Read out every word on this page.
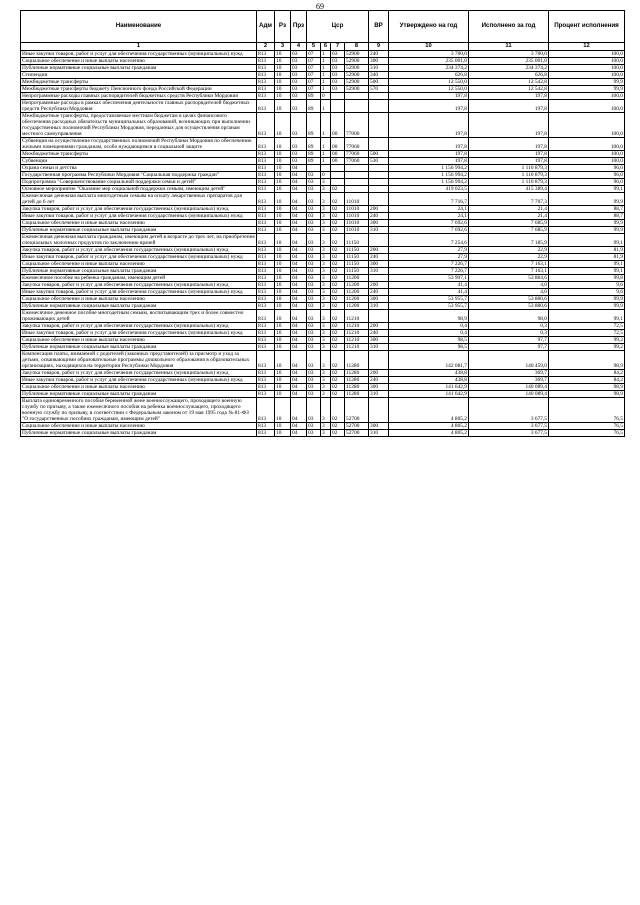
69
Наименование	Адм	Рз	Прз	Цср				ВР	Утверждено на год	Исполнено за год	Процент исполнения
1	2	3	4	5	6	7	8	9	10	11	12
Иные закупки товаров, работ и услуг для обеспечения государственных (муниципальных) нужд	813	10	03	07	1	03	52900	240	3 700,0	3 700,0	100,0
Социальное обеспечение и иные выплаты населению	813	10	03	07	1	03	52900	300	235 001,0	235 001,0	100,0
Публичные нормативные социальные выплаты гражданам	813	10	03	07	1	03	52900	310	234 374,2	234 374,2	100,0
Стипендии	813	10	03	07	1	03	52900	340	626,8	626,8	100,0
Межбюджетные трансферты	813	10	03	07	1	03	52900	500	12 550,0	12 542,8	99,9
Межбюджетные трансферты бюджету Пенсионного фонда Российской Федерации	813	10	03	07	1	03	52900	570	12 550,0	12 542,8	99,9
Непрограммные расходы главных распорядителей бюджетных средств Республики Мордовия	813	10	03	89	0				197,8	197,8	100,0
Непрограммные расходы в рамках обеспечения деятельности главных распорядителей бюджетных средств Республики Мордовия	813	10	03	89	1				197,8	197,8	100,0
Межбюджетные трансферты, предоставляемые местным бюджетам в целях финансового обеспечения расходных обязательств муниципальных образований, возникающих при выполнении государственных полномочий Республики Мордовия, переданных для осуществления органам местного самоуправления	813	10	03	89	1	00	77000		197,8	197,8	100,0
Субвенция на осуществление государственных полномочий Республики Мордовия по обеспечению жилыми помещениями гражданам, особо нуждающимся в социальной защите	813	10	03	89	1	00	77060		197,8	197,8	100,0
Межбюджетные трансферты	813	10	03	89	1	00	77060	500	197,8	197,8	100,0
Субвенции	813	10	03	89	1	00	77060	530	197,8	197,8	100,0
Охрана семьи и детства	813	10	04						1 156 994,2	1 110 879,3	96,0
Государственная программа Республики Мордовия "Социальная поддержка граждан"	813	10	04	03	0				1 156 994,2	1 110 879,3	96,0
Подпрограмма "Совершенствование социальной поддержки семьи и детей"	813	10	04	03	3				1 156 994,2	1 110 879,3	96,0
Основное мероприятие "Оказание мер социальной поддержки семьям, имеющим детей"	813	10	04	03	3	02			419 023,5	415 389,4	99,1
Ежемесячная денежная выплата многодетным семьям на оплату лекарственных препаратов для детей до 6 лет	813	10	04	03	3	02	11010		7 716,7	7 707,3	99,9
Закупка товаров, работ и услуг для обеспечения государственных (муниципальных) нужд	813	10	04	03	3	02	11010	200	24,1	21,4	88,7
Иные закупки товаров, работ и услуг для обеспечения государственных (муниципальных) нужд	813	10	04	03	3	02	11010	240	24,1	21,4	88,7
Социальное обеспечение и иные выплаты населению	813	10	04	03	3	02	11010	300	7 692,6	7 685,9	99,9
Публичные нормативные социальные выплаты гражданам	813	10	04	03	3	02	11010	310	7 692,6	7 685,9	99,9
Ежемесячная денежная выплата гражданам, имеющим детей в возрасте до трех лет, на приобретение специальных молочных продуктов по заключению врачей	813	10	04	03	3	02	11150		7 254,6	7 185,9	99,1
Закупка товаров, работ и услуг для обеспечения государственных (муниципальных) нужд	813	10	04	03	3	02	11150	200	27,9	22,9	81,9
Иные закупки товаров, работ и услуг для обеспечения государственных (муниципальных) нужд	813	10	04	03	3	02	11150	240	27,9	22,9	81,9
Социальное обеспечение и иные выплаты населению	813	10	04	03	3	02	11150	300	7 226,7	7 163,1	99,1
Публичные нормативные социальные выплаты гражданам	813	10	04	03	3	02	11150	310	7 226,7	7 163,1	99,1
Ежемесячное пособие на ребенка гражданам, имеющим детей	813	10	04	03	3	02	11200		53 997,1	53 884,6	99,8
Закупка товаров, работ и услуг для обеспечения государственных (муниципальных) нужд	813	10	04	03	3	02	11200	200	41,4	4,0	9,6
Иные закупки товаров, работ и услуг для обеспечения государственных (муниципальных) нужд	813	10	04	03	3	02	11200	240	41,4	4,0	9,6
Социальное обеспечение и иные выплаты населению	813	10	04	03	3	02	11200	300	53 955,7	53 880,6	99,9
Публичные нормативные социальные выплаты гражданам	813	10	04	03	3	02	11200	310	53 955,7	53 880,6	99,9
Ежемесячное денежное пособие многодетным семьям, воспитывающим трех и более совместно проживающих детей	813	10	04	03	3	02	11210		98,9	98,0	99,1
Закупка товаров, работ и услуг для обеспечения государственных (муниципальных) нужд	813	10	04	03	3	02	11210	200	0,4	0,3	72,5
Иные закупки товаров, работ и услуг для обеспечения государственных (муниципальных) нужд	813	10	04	03	3	02	11210	240	0,4	0,3	72,5
Социальное обеспечение и иные выплаты населению	813	10	04	03	3	02	11210	300	98,5	97,7	99,2
Публичные нормативные социальные выплаты гражданам	813	10	04	03	3	02	11210	310	98,5	97,7	99,2
Компенсация платы, взимаемой с родителей (законных представителей) за присмотр и уход за детьми, осваивающими образовательные программы дошкольного образования в образовательных организациях, находящихся на территории Республики Мордовия	813	10	04	03	3	02	11280		142 081,7	140 459,0	98,9
Закупка товаров, работ и услуг для обеспечения государственных (муниципальных) нужд	813	10	04	03	3	02	11280	200	438,8	369,7	84,2
Иные закупки товаров, работ и услуг для обеспечения государственных (муниципальных) нужд	813	10	04	03	3	02	11280	240	438,8	369,7	84,2
Социальное обеспечение и иные выплаты населению	813	10	04	03	3	02	11280	300	141 642,9	140 089,4	98,9
Публичные нормативные социальные выплаты гражданам	813	10	04	03	3	02	11280	310	141 642,9	140 089,4	98,9
Выплата единовременного пособия беременной жене военнослужащего, проходящего военную службу по призыву, а также ежемесячного пособия на ребенка военнослужащего, проходящего военную службу по призыву, в соответствии с Федеральным законом от 19 мая 1995 года № 81-ФЗ "О государственных пособиях гражданам, имеющим детей"	813	10	04	03	3	02	52700		4 805,2	3 677,5	76,5
Социальное обеспечение и иные выплаты населению	813	10	04	03	3	02	52700	300	4 805,2	3 677,5	76,5
Публичные нормативные социальные выплаты гражданам	813	10	04	03	3	02	52700	310	4 805,2	3 677,5	76,5
